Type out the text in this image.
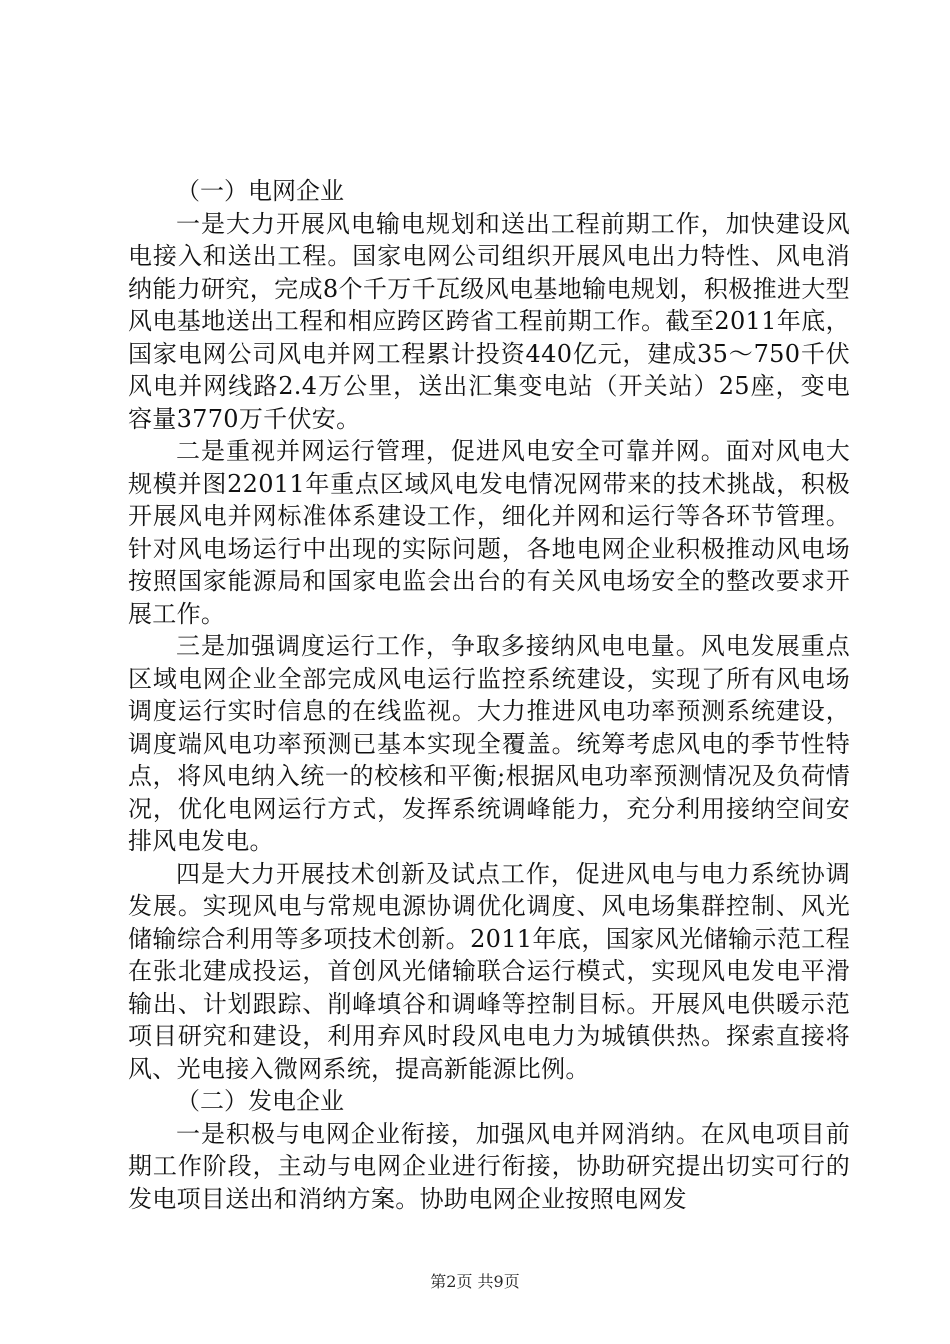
（一）电网企业

一是大力开展风电输电规划和送出工程前期工作，加快建设风电接入和送出工程。国家电网公司组织开展风电出力特性、风电消纳能力研究，完成8个千万千瓦级风电基地输电规划，积极推进大型风电基地送出工程和相应跨区跨省工程前期工作。截至2011年底，国家电网公司风电并网工程累计投资440亿元，建成35～750千伏风电并网线路2.4万公里，送出汇集变电站（开关站）25座，变电容量3770万千伏安。

二是重视并网运行管理，促进风电安全可靠并网。面对风电大规模并图22011年重点区域风电发电情况网带来的技术挑战，积极开展风电并网标准体系建设工作，细化并网和运行等各环节管理。针对风电场运行中出现的实际问题，各地电网企业积极推动风电场按照国家能源局和国家电监会出台的有关风电场安全的整改要求开展工作。

三是加强调度运行工作，争取多接纳风电电量。风电发展重点区域电网企业全部完成风电运行监控系统建设，实现了所有风电场调度运行实时信息的在线监视。大力推进风电功率预测系统建设，调度端风电功率预测已基本实现全覆盖。统筹考虑风电的季节性特点，将风电纳入统一的校核和平衡;根据风电功率预测情况及负荷情况，优化电网运行方式，发挥系统调峰能力，充分利用接纳空间安排风电发电。

四是大力开展技术创新及试点工作，促进风电与电力系统协调发展。实现风电与常规电源协调优化调度、风电场集群控制、风光储输综合利用等多项技术创新。2011年底，国家风光储输示范工程在张北建成投运，首创风光储输联合运行模式，实现风电发电平滑输出、计划跟踪、削峰填谷和调峰等控制目标。开展风电供暖示范项目研究和建设，利用弃风时段风电电力为城镇供热。探索直接将风、光电接入微网系统，提高新能源比例。

（二）发电企业

一是积极与电网企业衔接，加强风电并网消纳。在风电项目前期工作阶段，主动与电网企业进行衔接，协助研究提出切实可行的发电项目送出和消纳方案。协助电网企业按照电网发

第2页 共9页
